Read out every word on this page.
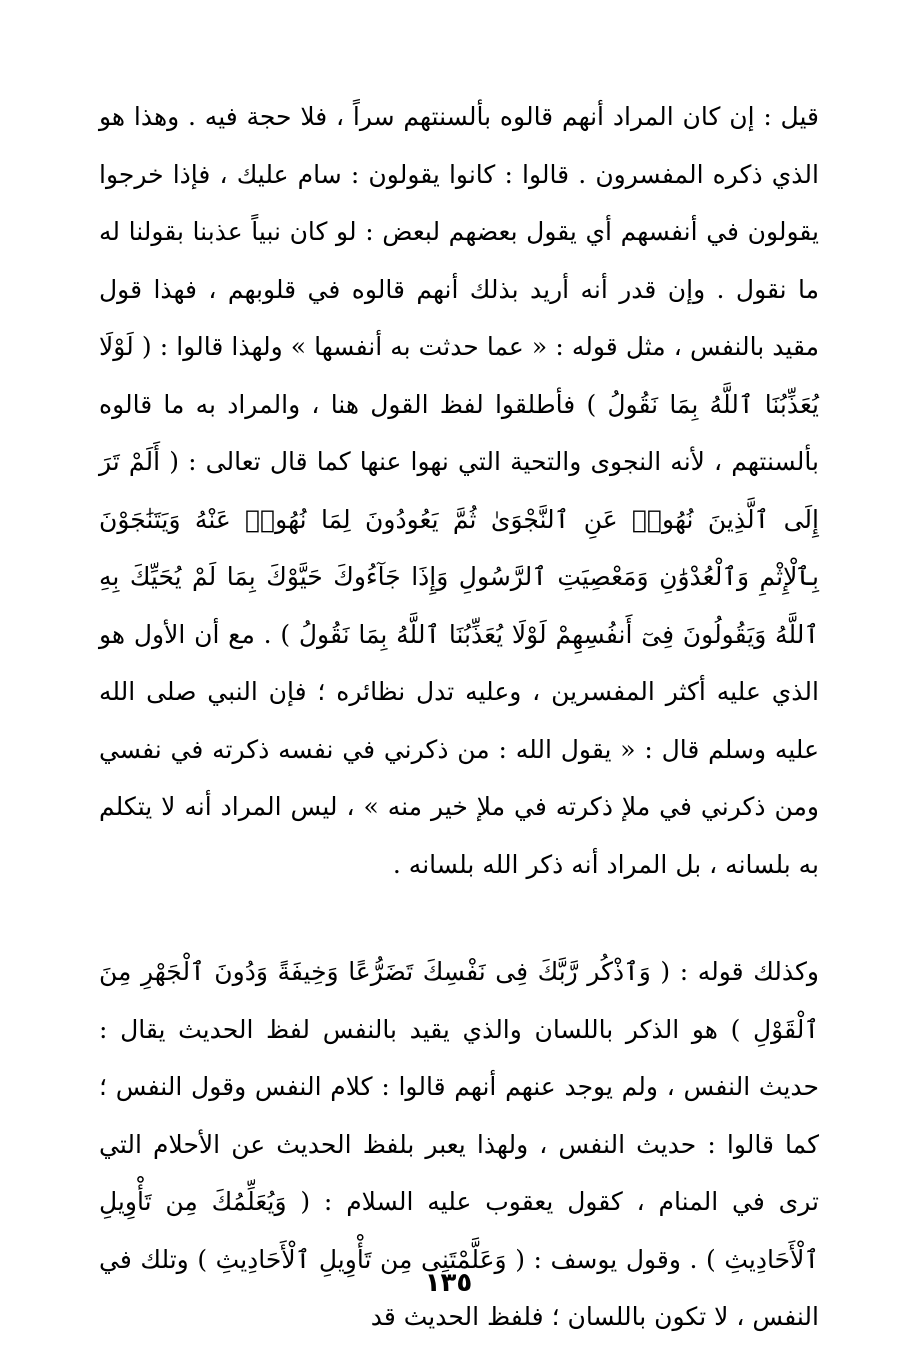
قيل : إن كان المراد أنهم قالوه بألسنتهم سراً ، فلا حجة فيه . وهذا هو الذي ذكره المفسرون . قالوا : كانوا يقولون : سام عليك ، فإذا خرجوا يقولون في أنفسهم أي يقول بعضهم لبعض : لو كان نبياً عذبنا بقولنا له ما نقول . وإن قدر أنه أريد بذلك أنهم قالوه في قلوبهم ، فهذا قول مقيد بالنفس ، مثل قوله : « عما حدثت به أنفسها » ولهذا قالوا : ( لَوْلَا يُعَذِّبُنَا ٱللَّهُ بِمَا نَقُولُ ) فأطلقوا لفظ القول هنا ، والمراد به ما قالوه بألسنتهم ، لأنه النجوى والتحية التي نهوا عنها كما قال تعالى : ( أَلَمْ تَرَ إِلَى ٱلَّذِينَ نُهُوا۟ عَنِ ٱلنَّجْوَىٰ ثُمَّ يَعُودُونَ لِمَا نُهُوا۟ عَنْهُ وَيَتَنَٰجَوْنَ بِٱلْإِثْمِ وَٱلْعُدْوَٰنِ وَمَعْصِيَتِ ٱلرَّسُولِ وَإِذَا جَآءُوكَ حَيَّوْكَ بِمَا لَمْ يُحَيِّكَ بِهِ ٱللَّهُ وَيَقُولُونَ فِىٓ أَنفُسِهِمْ لَوْلَا يُعَذِّبُنَا ٱللَّهُ بِمَا نَقُولُ ) . مع أن الأول هو الذي عليه أكثر المفسرين ، وعليه تدل نظائره ؛ فإن النبي صلى الله عليه وسلم قال : « يقول الله : من ذكرني في نفسه ذكرته في نفسي ومن ذكرني في ملإ ذكرته في ملإ خير منه » ، ليس المراد أنه لا يتكلم به بلسانه ، بل المراد أنه ذكر الله بلسانه .

وكذلك قوله : ( وَٱذْكُر رَّبَّكَ فِى نَفْسِكَ تَضَرُّعًا وَخِيفَةً وَدُونَ ٱلْجَهْرِ مِنَ ٱلْقَوْلِ ) هو الذكر باللسان والذي يقيد بالنفس لفظ الحديث يقال : حديث النفس ، ولم يوجد عنهم أنهم قالوا : كلام النفس وقول النفس ؛ كما قالوا : حديث النفس ، ولهذا يعبر بلفظ الحديث عن الأحلام التي ترى في المنام ، كقول يعقوب عليه السلام : ( وَيُعَلِّمُكَ مِن تَأْوِيلِ ٱلْأَحَادِيثِ ) . وقول يوسف : ( وَعَلَّمْتَنِى مِن تَأْوِيلِ ٱلْأَحَادِيثِ ) وتلك في النفس ، لا تكون باللسان ؛ فلفظ الحديث قد

١٣٥
